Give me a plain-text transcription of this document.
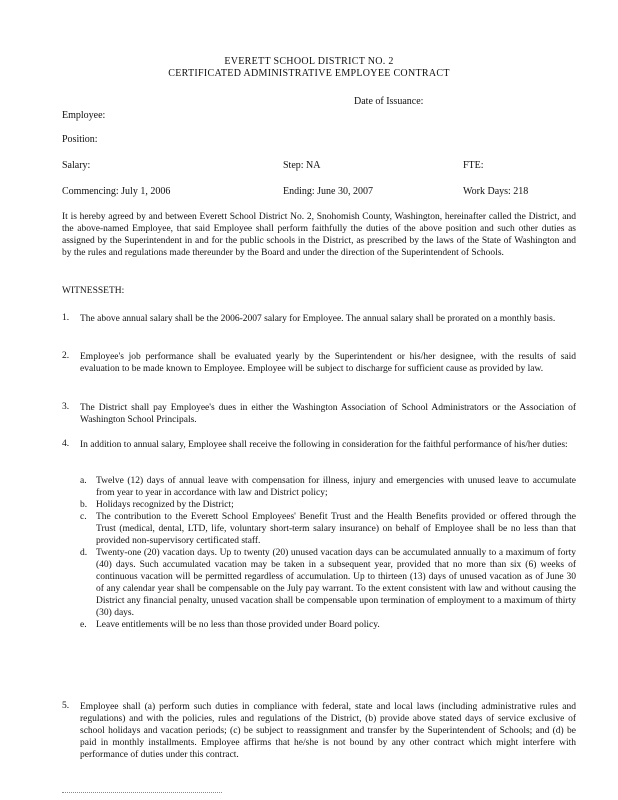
EVERETT SCHOOL DISTRICT NO. 2
CERTIFICATED ADMINISTRATIVE EMPLOYEE CONTRACT
Date of Issuance:
Employee:
Position:
Salary:	Step: NA	FTE:
Commencing: July 1, 2006	Ending: June 30, 2007	Work Days: 218

It is hereby agreed by and between Everett School District No. 2, Snohomish County, Washington, hereinafter called the District, and the above-named Employee, that said Employee shall perform faithfully the duties of the above position and such other duties as assigned by the Superintendent in and for the public schools in the District, as prescribed by the laws of the State of Washington and by the rules and regulations made thereunder by the Board and under the direction of the Superintendent of Schools.

WITNESSETH:
1. The above annual salary shall be the 2006-2007 salary for Employee. The annual salary shall be prorated on a monthly basis.

2. Employee's job performance shall be evaluated yearly by the Superintendent or his/her designee, with the results of said evaluation to be made known to Employee. Employee will be subject to discharge for sufficient cause as provided by law.

3. The District shall pay Employee's dues in either the Washington Association of School Administrators or the Association of Washington School Principals.

4. In addition to annual salary, Employee shall receive the following in consideration for the faithful performance of his/her duties:

a. Twelve (12) days of annual leave with compensation for illness, injury and emergencies with unused leave to accumulate from year to year in accordance with law and District policy;
b. Holidays recognized by the District;
c. The contribution to the Everett School Employees' Benefit Trust and the Health Benefits provided or offered through the Trust (medical, dental, LTD, life, voluntary short-term salary insurance) on behalf of Employee shall be no less than that provided non-supervisory certificated staff.
d. Twenty-one (20) vacation days. Up to twenty (20) unused vacation days can be accumulated annually to a maximum of forty (40) days. Such accumulated vacation may be taken in a subsequent year, provided that no more than six (6) weeks of continuous vacation will be permitted regardless of accumulation. Up to thirteen (13) days of unused vacation as of June 30 of any calendar year shall be compensable on the July pay warrant. To the extent consistent with law and without causing the District any financial penalty, unused vacation shall be compensable upon termination of employment to a maximum of thirty (30) days.
e. Leave entitlements will be no less than those provided under Board policy.
5. Employee shall (a) perform such duties in compliance with federal, state and local laws (including administrative rules and regulations) and with the policies, rules and regulations of the District, (b) provide above stated days of service exclusive of school holidays and vacation periods; (c) be subject to reassignment and transfer by the Superintendent of Schools; and (d) be paid in monthly installments. Employee affirms that he/she is not bound by any other contract which might interfere with performance of duties under this contract.
